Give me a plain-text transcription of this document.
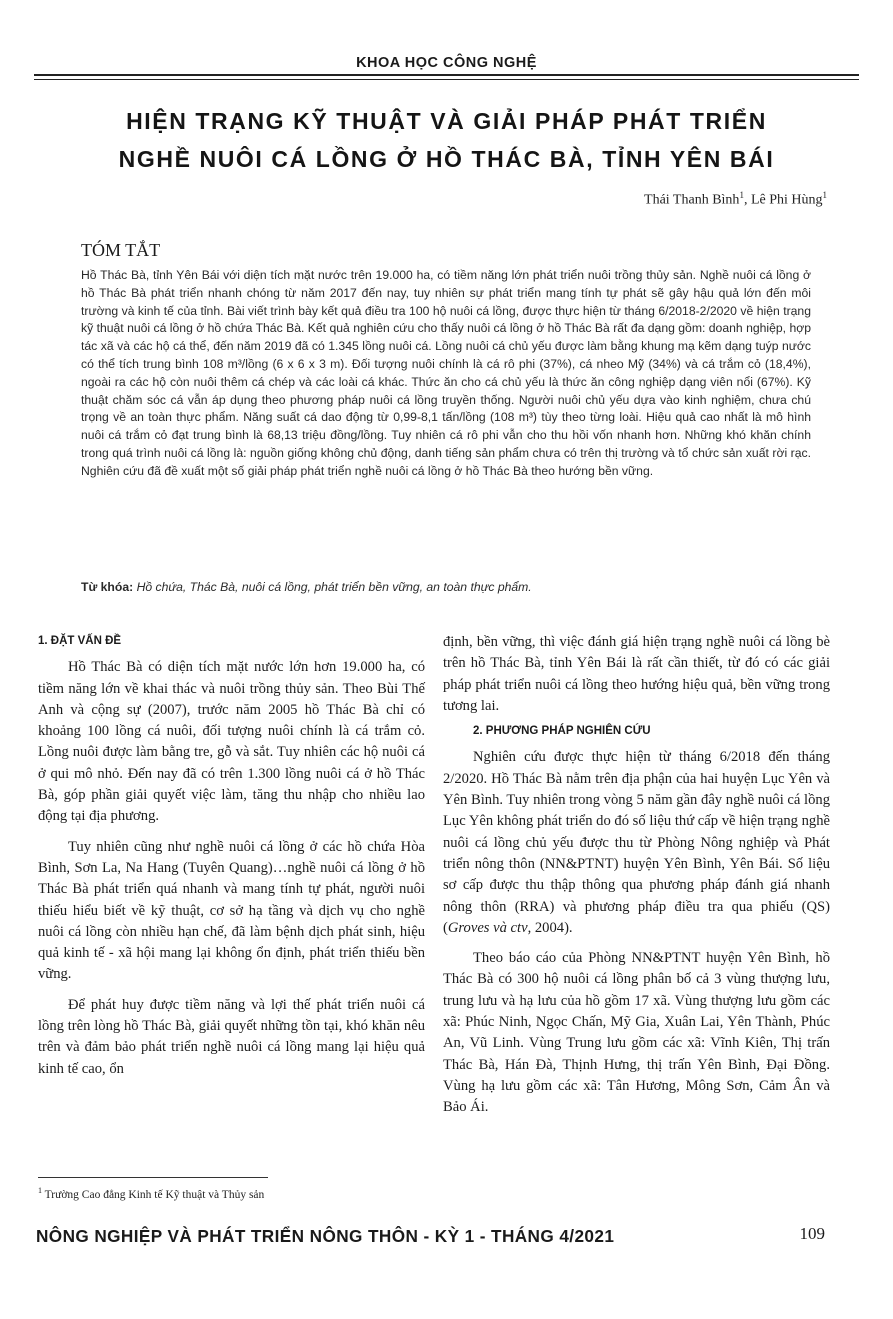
KHOA HỌC CÔNG NGHỆ
HIỆN TRẠNG KỸ THUẬT VÀ GIẢI PHÁP PHÁT TRIỂN
NGHỀ NUÔI CÁ LỒNG Ở HỒ THÁC BÀ, TỈNH YÊN BÁI
Thái Thanh Bình$^1$, Lê Phi Hùng$^1$
TÓM TẮT
Hồ Thác Bà, tỉnh Yên Bái với diện tích mặt nước trên 19.000 ha, có tiềm năng lớn phát triển nuôi trồng thủy sản. Nghề nuôi cá lồng ở hồ Thác Bà phát triển nhanh chóng từ năm 2017 đến nay, tuy nhiên sự phát triển mang tính tự phát sẽ gây hậu quả lớn đến môi trường và kinh tế của tỉnh. Bài viết trình bày kết quả điều tra 100 hộ nuôi cá lồng, được thực hiện từ tháng 6/2018-2/2020 về hiện trạng kỹ thuật nuôi cá lồng ở hồ chứa Thác Bà. Kết quả nghiên cứu cho thấy nuôi cá lồng ở hồ Thác Bà rất đa dạng gồm: doanh nghiệp, hợp tác xã và các hộ cá thể, đến năm 2019 đã có 1.345 lồng nuôi cá. Lồng nuôi cá chủ yếu được làm bằng khung mạ kẽm dạng tuýp nước có thể tích trung bình 108 m³/lồng (6 x 6 x 3 m). Đối tượng nuôi chính là cá rô phi (37%), cá nheo Mỹ (34%) và cá trắm cỏ (18,4%), ngoài ra các hộ còn nuôi thêm cá chép và các loài cá khác. Thức ăn cho cá chủ yếu là thức ăn công nghiệp dạng viên nổi (67%). Kỹ thuật chăm sóc cá vẫn áp dụng theo phương pháp nuôi cá lồng truyền thống. Người nuôi chủ yếu dựa vào kinh nghiệm, chưa chú trọng về an toàn thực phẩm. Năng suất cá dao động từ 0,99-8,1 tấn/lồng (108 m³) tùy theo từng loài. Hiệu quả cao nhất là mô hình nuôi cá trắm cỏ đạt trung bình là 68,13 triệu đồng/lồng. Tuy nhiên cá rô phi vẫn cho thu hồi vốn nhanh hơn. Những khó khăn chính trong quá trình nuôi cá lồng là: nguồn giống không chủ động, danh tiếng sản phẩm chưa có trên thị trường và tổ chức sản xuất rời rạc. Nghiên cứu đã đề xuất một số giải pháp phát triển nghề nuôi cá lồng ở hồ Thác Bà theo hướng bền vững.
Từ khóa: Hồ chứa, Thác Bà, nuôi cá lồng, phát triển bền vững, an toàn thực phẩm.

1. ĐẶT VẤN ĐỀ

Hồ Thác Bà có diện tích mặt nước lớn hơn 19.000 ha, có tiềm năng lớn về khai thác và nuôi trồng thủy sản. Theo Bùi Thế Anh và cộng sự (2007), trước năm 2005 hồ Thác Bà chỉ có khoảng 100 lồng cá nuôi, đối tượng nuôi chính là cá trắm cỏ. Lồng nuôi được làm bằng tre, gỗ và sắt. Tuy nhiên các hộ nuôi cá ở qui mô nhỏ. Đến nay đã có trên 1.300 lồng nuôi cá ở hồ Thác Bà, góp phần giải quyết việc làm, tăng thu nhập cho nhiều lao động tại địa phương.

Tuy nhiên cũng như nghề nuôi cá lồng ở các hồ chứa Hòa Bình, Sơn La, Na Hang (Tuyên Quang)…nghề nuôi cá lồng ở hồ Thác Bà phát triển quá nhanh và mang tính tự phát, người nuôi thiếu hiểu biết về kỹ thuật, cơ sở hạ tầng và dịch vụ cho nghề nuôi cá lồng còn nhiều hạn chế, đã làm bệnh dịch phát sinh, hiệu quả kinh tế - xã hội mang lại không ổn định, phát triển thiếu bền vững.

Để phát huy được tiềm năng và lợi thế phát triển nuôi cá lồng trên lòng hồ Thác Bà, giải quyết những tồn tại, khó khăn nêu trên và đảm bảo phát triển nghề nuôi cá lồng mang lại hiệu quả kinh tế cao, ổn

định, bền vững, thì việc đánh giá hiện trạng nghề nuôi cá lồng bè trên hồ Thác Bà, tỉnh Yên Bái là rất cần thiết, từ đó có các giải pháp phát triển nuôi cá lồng theo hướng hiệu quả, bền vững trong tương lai.

2. PHƯƠNG PHÁP NGHIÊN CỨU

Nghiên cứu được thực hiện từ tháng 6/2018 đến tháng 2/2020. Hồ Thác Bà nằm trên địa phận của hai huyện Lục Yên và Yên Bình. Tuy nhiên trong vòng 5 năm gần đây nghề nuôi cá lồng Lục Yên không phát triển do đó số liệu thứ cấp về hiện trạng nghề nuôi cá lồng chủ yếu được thu từ Phòng Nông nghiệp và Phát triển nông thôn (NN&PTNT) huyện Yên Bình, Yên Bái. Số liệu sơ cấp được thu thập thông qua phương pháp đánh giá nhanh nông thôn (RRA) và phương pháp điều tra qua phiếu (QS) (Groves và ctv, 2004).

Theo báo cáo của Phòng NN&PTNT huyện Yên Bình, hồ Thác Bà có 300 hộ nuôi cá lồng phân bố cả 3 vùng thượng lưu, trung lưu và hạ lưu của hồ gồm 17 xã. Vùng thượng lưu gồm các xã: Phúc Ninh, Ngọc Chấn, Mỹ Gia, Xuân Lai, Yên Thành, Phúc An, Vũ Linh. Vùng Trung lưu gồm các xã: Vĩnh Kiên, Thị trấn Thác Bà, Hán Đà, Thịnh Hưng, thị trấn Yên Bình, Đại Đồng. Vùng hạ lưu gồm các xã: Tân Hương, Mông Sơn, Cảm Ân và Bảo Ái.

$^1$ Trường Cao đẳng Kinh tế Kỹ thuật và Thủy sản
NÔNG NGHIỆP VÀ PHÁT TRIỂN NÔNG THÔN - KỲ 1 - THÁNG 4/2021	109
